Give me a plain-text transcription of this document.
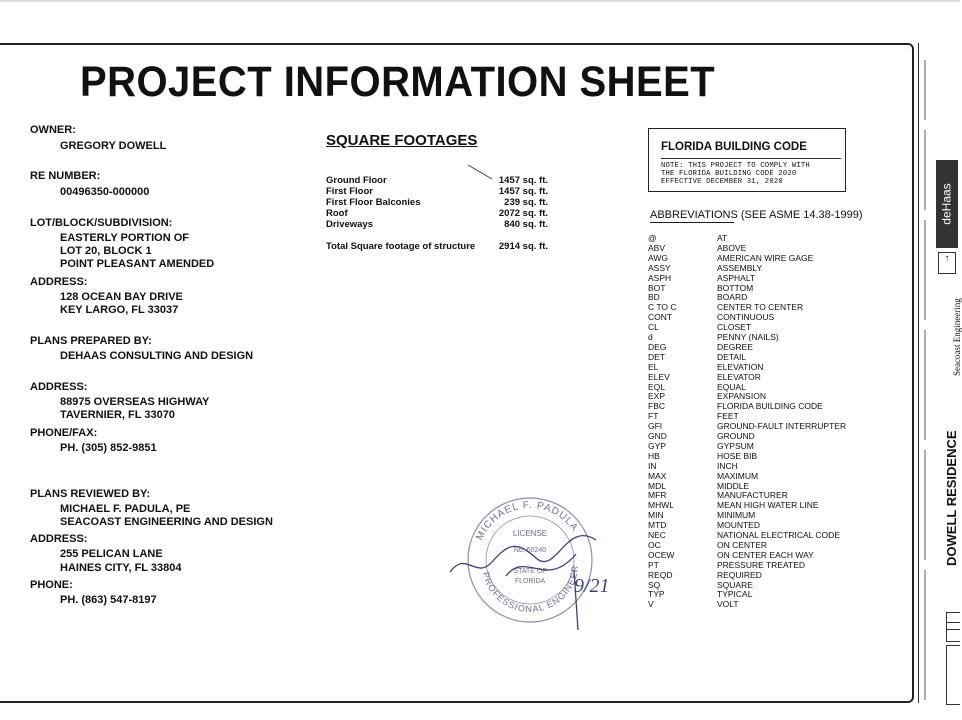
PROJECT INFORMATION SHEET
OWNER:
GREGORY DOWELL
RE NUMBER:
00496350-000000
LOT/BLOCK/SUBDIVISION:
EASTERLY PORTION OF
LOT 20, BLOCK 1
POINT PLEASANT AMENDED
ADDRESS:
128 OCEAN BAY DRIVE
KEY LARGO, FL 33037
PLANS PREPARED BY:
DEHAAS CONSULTING AND DESIGN
ADDRESS:
88975 OVERSEAS HIGHWAY
TAVERNIER, FL 33070
PHONE/FAX:
PH. (305) 852-9851
PLANS REVIEWED BY:
MICHAEL F. PADULA, PE
SEACOAST ENGINEERING AND DESIGN
ADDRESS:
255 PELICAN LANE
HAINES CITY, FL 33804
PHONE:
PH. (863) 547-8197
SQUARE FOOTAGES
Ground Floor	1457 sq. ft.
First Floor	1457 sq. ft.
First Floor Balconies	239 sq. ft.
Roof	2072 sq. ft.
Driveways	840 sq. ft.
Total Square footage of structure	2914 sq. ft.
FLORIDA BUILDING CODE
NOTE: THIS PROJECT TO COMPLY WITH
THE FLORIDA BUILDING CODE 2020
EFFECTIVE DECEMBER 31, 2020
ABBREVIATIONS (SEE ASME 14.38-1999)
@	AT
ABV	ABOVE
AWG	AMERICAN WIRE GAGE
ASSY	ASSEMBLY
ASPH	ASPHALT
BOT	BOTTOM
BD	BOARD
C TO C	CENTER TO CENTER
CONT	CONTINUOUS
CL	CLOSET
d	PENNY (NAILS)
DEG	DEGREE
DET	DETAIL
EL	ELEVATION
ELEV	ELEVATOR
EQL	EQUAL
EXP	EXPANSION
FBC	FLORIDA BUILDING CODE
FT	FEET
GFI	GROUND-FAULT INTERRUPTER
GND	GROUND
GYP	GYPSUM
HB	HOSE BIB
IN	INCH
MAX	MAXIMUM
MDL	MIDDLE
MFR	MANUFACTURER
MHWL	MEAN HIGH WATER LINE
MIN	MINIMUM
MTD	MOUNTED
NEC	NATIONAL ELECTRICAL CODE
OC	ON CENTER
OCEW	ON CENTER EACH WAY
PT	PRESSURE TREATED
REQD	REQUIRED
SQ	SQUARE
TYP	TYPICAL
V	VOLT
MICHAEL F. PADULA
LICENSE
No. 60240
STATE OF
FLORIDA
PROFESSIONAL ENGINEER
9/21
deHaas
↑
Seacoast Engineering
DOWELL RESIDENCE
